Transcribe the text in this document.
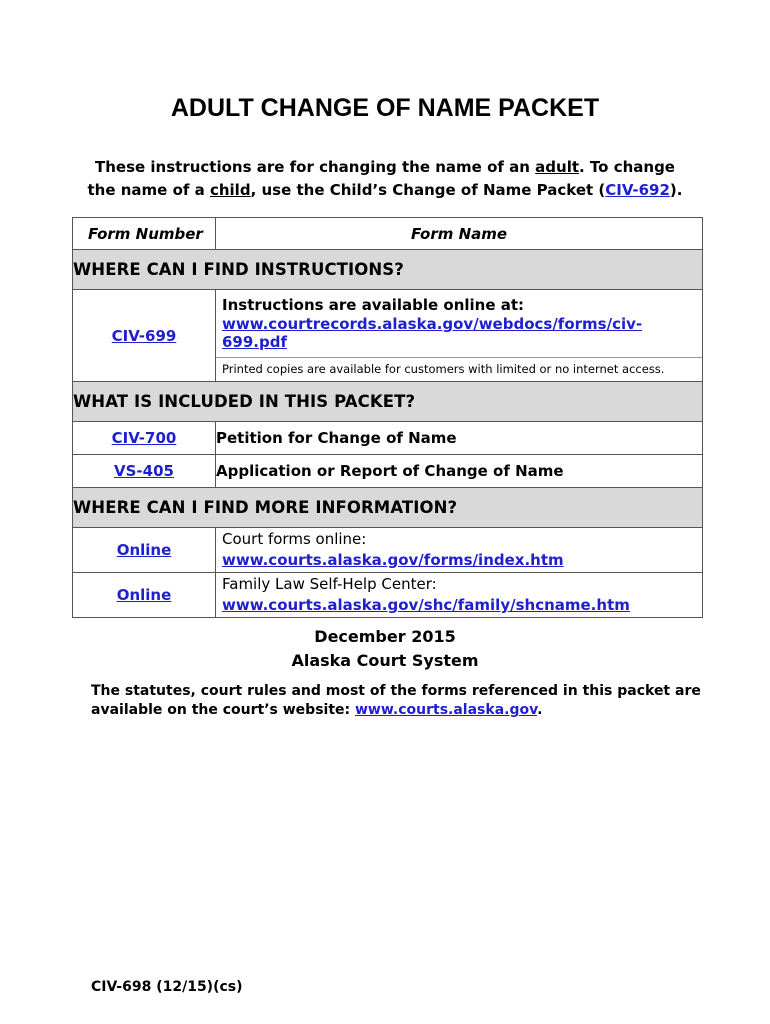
ADULT CHANGE OF NAME PACKET
These instructions are for changing the name of an adult. To change
the name of a child, use the Child’s Change of Name Packet (CIV-692).
Form Number	Form Name
WHERE CAN I FIND INSTRUCTIONS?	
CIV-699	Instructions are available online at:
www.courtrecords.alaska.gov/webdocs/forms/civ-699.pdf
Printed copies are available for customers with limited or no internet access.

WHAT IS INCLUDED IN THIS PACKET?	
CIV-700	Petition for Change of Name
VS-405	Application or Report of Change of Name
WHERE CAN I FIND MORE INFORMATION?	
Online	Court forms online:
www.courts.alaska.gov/forms/index.htm

Online	Family Law Self-Help Center:
www.courts.alaska.gov/shc/family/shcname.htm
December 2015
Alaska Court System
The statutes, court rules and most of the forms referenced in this packet are available on the court’s website: www.courts.alaska.gov.
CIV-698 (12/15)(cs)
